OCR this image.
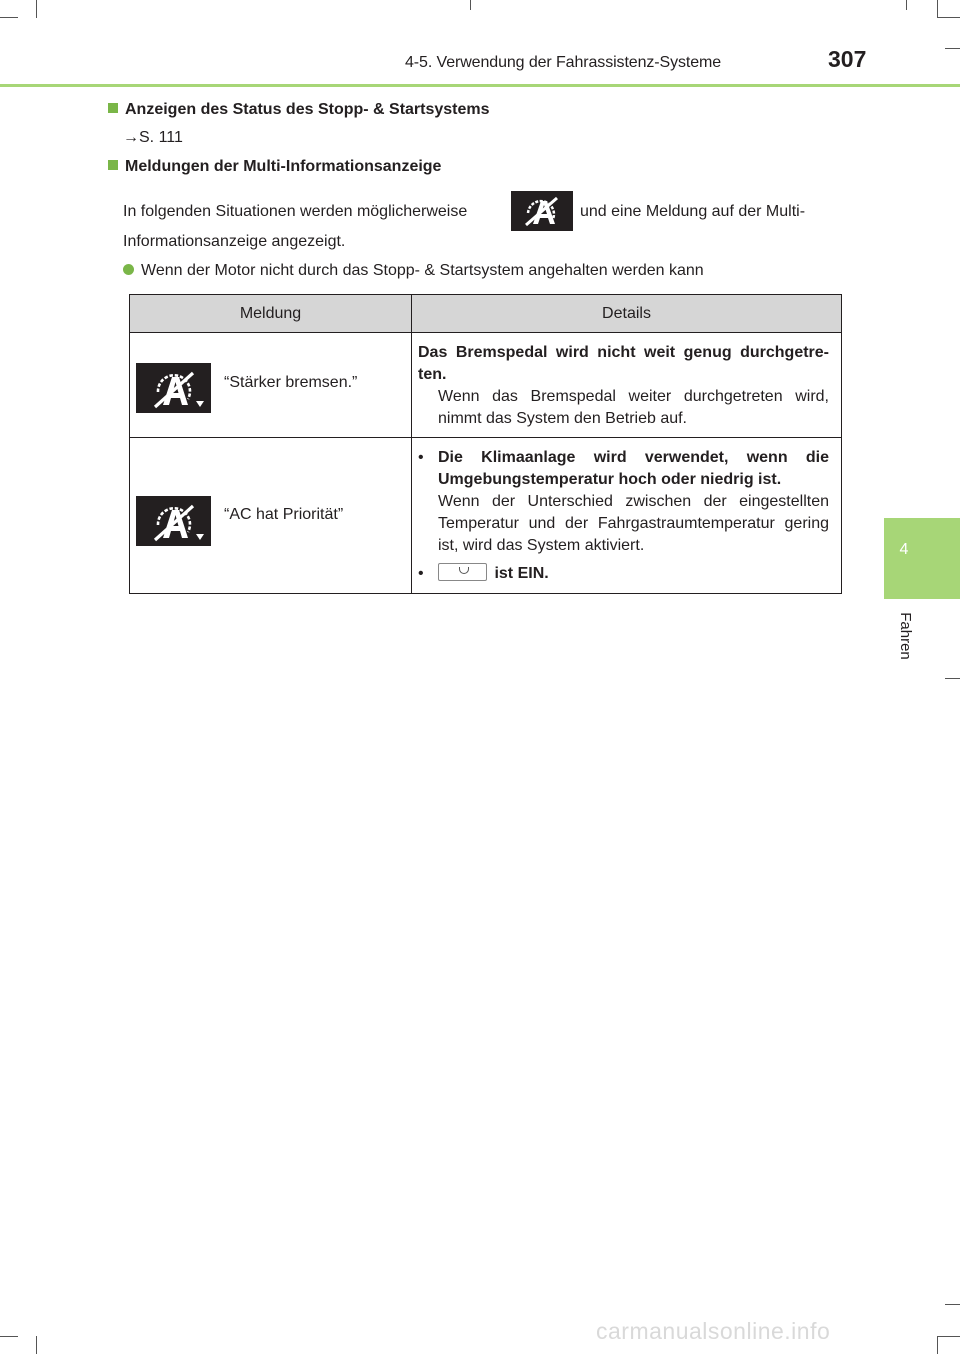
4-5. Verwendung der Fahrassistenz-Systeme	307
4
Fahren
Anzeigen des Status des Stopp- & Startsystems
→S. 111
Meldungen der Multi-Informationsanzeige
In folgenden Situationen werden möglicherweise	und eine Meldung auf der Multi-
Informationsanzeige angezeigt.
Wenn der Motor nicht durch das Stopp- & Startsystem angehalten werden kann
Meldung	Details

“Stärker bremsen.”	Das Bremspedal wird nicht weit genug durchgetre-ten.
Wenn das Bremspedal weiter durchgetreten wird, nimmt das System den Betrieb auf.

“AC hat Priorität”	• Die Klimaanlage wird verwendet, wenn die Umgebungstemperatur hoch oder niedrig ist.
Wenn der Unterschied zwischen der eingestellten Temperatur und der Fahrgastraumtemperatur gering ist, wird das System aktiviert.
• ist EIN.
carmanualsonline.info
